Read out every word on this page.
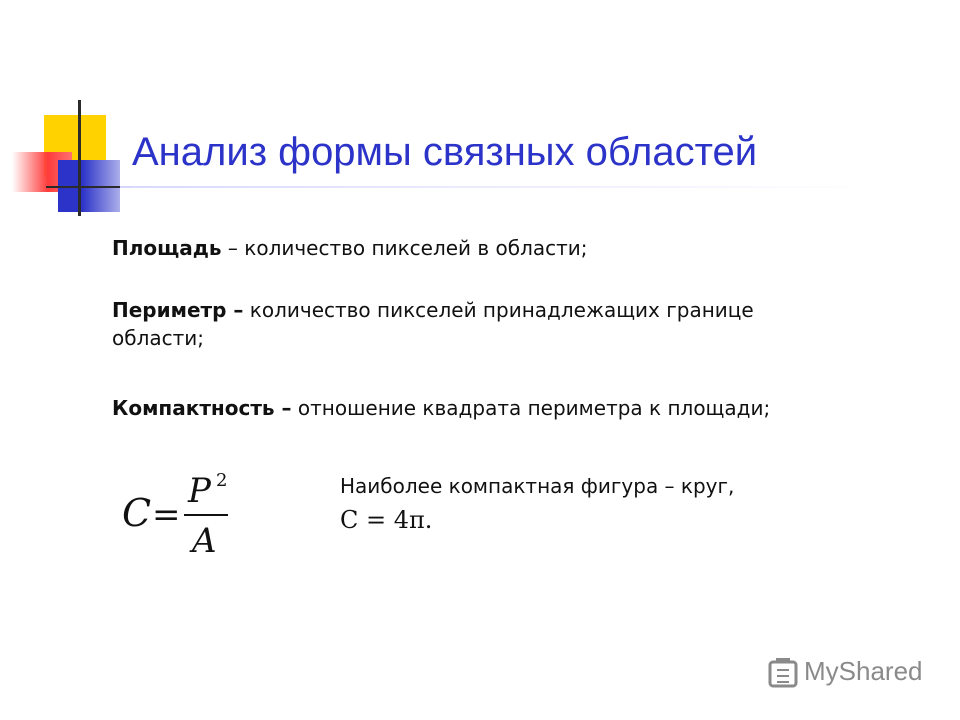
Анализ формы связных областей
Площадь – количество пикселей в области;
Периметр – количество пикселей принадлежащих границе области;
Компактность – отношение квадрата периметра к площади;
C =
P 2
A
Наиболее компактная фигура – круг,
C = 4π.
MyShared
